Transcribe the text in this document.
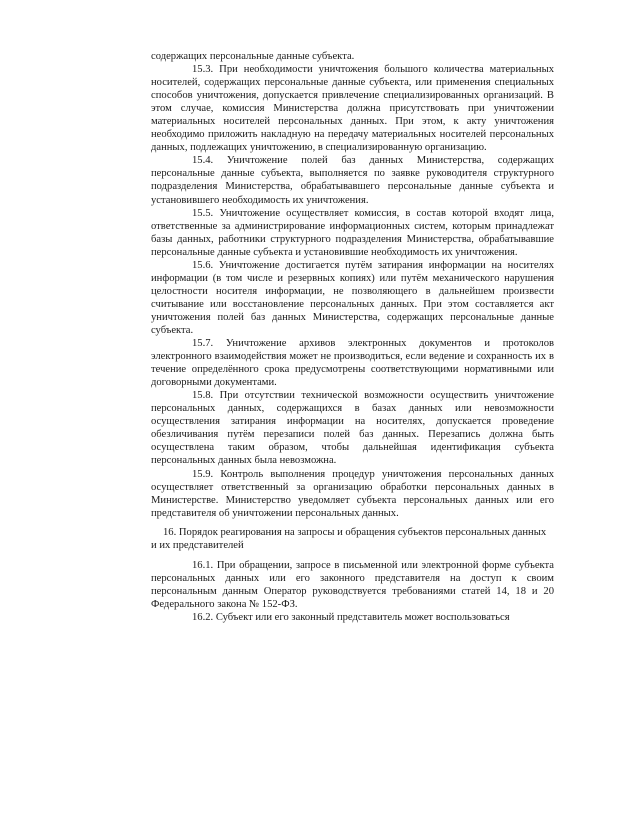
содержащих персональные данные субъекта.

15.3. При необходимости уничтожения большого количества материальных носителей, содержащих персональные данные субъекта, или применения специальных способов уничтожения, допускается привлечение специализированных организаций. В этом случае, комиссия Министерства должна присутствовать при уничтожении материальных носителей персональных данных. При этом, к акту уничтожения необходимо приложить накладную на передачу материальных носителей персональных данных, подлежащих уничтожению, в специализированную организацию.

15.4. Уничтожение полей баз данных Министерства, содержащих персональные данные субъекта, выполняется по заявке руководителя структурного подразделения Министерства, обрабатывавшего персональные данные субъекта и установившего необходимость их уничтожения.

15.5. Уничтожение осуществляет комиссия, в состав которой входят лица, ответственные за администрирование информационных систем, которым принадлежат базы данных, работники структурного подразделения Министерства, обрабатывавшие персональные данные субъекта и установившие необходимость их уничтожения.

15.6. Уничтожение достигается путём затирания информации на носителях информации (в том числе и резервных копиях) или путём механического нарушения целостности носителя информации, не позволяющего в дальнейшем произвести считывание или восстановление персональных данных. При этом составляется акт уничтожения полей баз данных Министерства, содержащих персональные данные субъекта.

15.7. Уничтожение архивов электронных документов и протоколов электронного взаимодействия может не производиться, если ведение и сохранность их в течение определённого срока предусмотрены соответствующими нормативными или договорными документами.

15.8. При отсутствии технической возможности осуществить уничтожение персональных данных, содержащихся в базах данных или невозможности осуществления затирания информации на носителях, допускается проведение обезличивания путём перезаписи полей баз данных. Перезапись должна быть осуществлена таким образом, чтобы дальнейшая идентификация субъекта персональных данных была невозможна.

15.9. Контроль выполнения процедур уничтожения персональных данных осуществляет ответственный за организацию обработки персональных данных в Министерстве. Министерство уведомляет субъекта персональных данных или его представителя об уничтожении персональных данных.

16. Порядок реагирования на запросы и обращения субъектов персональных данных и их представителей

16.1. При обращении, запросе в письменной или электронной форме субъекта персональных данных или его законного представителя на доступ к своим персональным данным Оператор руководствуется требованиями статей 14, 18 и 20 Федерального закона № 152-ФЗ.

16.2. Субъект или его законный представитель может воспользоваться
